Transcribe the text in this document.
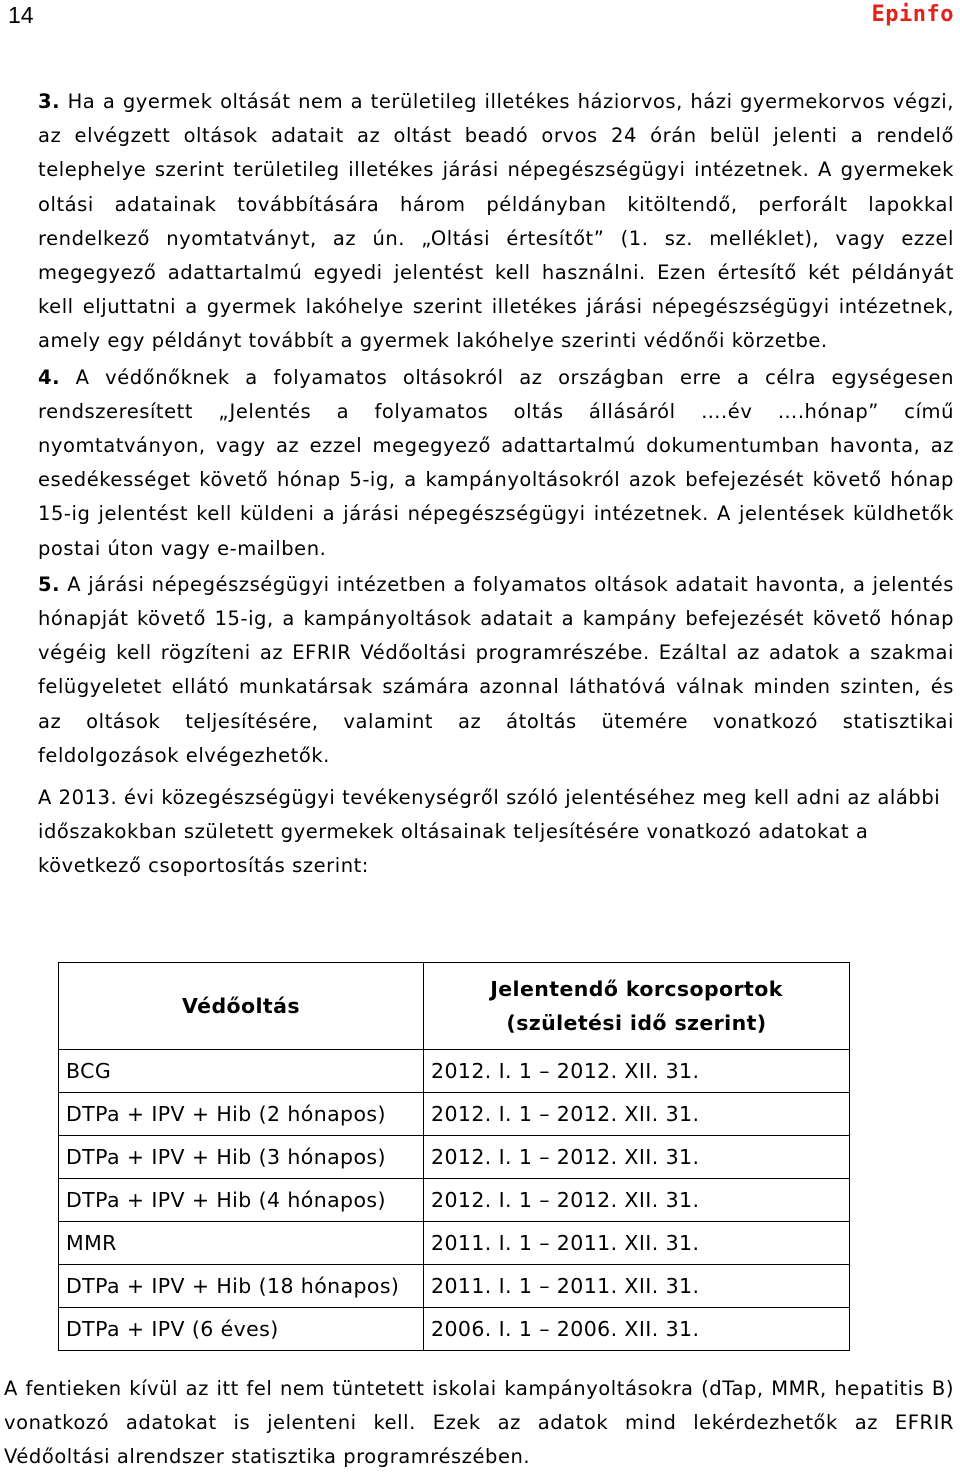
14	Epinfo

3. Ha a gyermek oltását nem a területileg illetékes háziorvos, házi gyermekorvos végzi, az elvégzett oltások adatait az oltást beadó orvos 24 órán belül jelenti a rendelő telephelye szerint területileg illetékes járási népegészségügyi intézetnek. A gyermekek oltási adatainak továbbítására három példányban kitöltendő, perforált lapokkal rendelkező nyomtatványt, az ún. „Oltási értesítőt” (1. sz. melléklet), vagy ezzel megegyező adattartalmú egyedi jelentést kell használni. Ezen értesítő két példányát kell eljuttatni a gyermek lakóhelye szerint illetékes járási népegészségügyi intézetnek, amely egy példányt továbbít a gyermek lakóhelye szerinti védőnői körzetbe.

4. A védőnőknek a folyamatos oltásokról az országban erre a célra egységesen rendszeresített „Jelentés a folyamatos oltás állásáról ….év ….hónap” című nyomtatványon, vagy az ezzel megegyező adattartalmú dokumentumban havonta, az esedékességet követő hónap 5-ig, a kampányoltásokról azok befejezését követő hónap 15-ig jelentést kell küldeni a járási népegészségügyi intézetnek. A jelentések küldhetők postai úton vagy e-mailben.

5. A járási népegészségügyi intézetben a folyamatos oltások adatait havonta, a jelentés hónapját követő 15-ig, a kampányoltások adatait a kampány befejezését követő hónap végéig kell rögzíteni az EFRIR Védőoltási programrészébe. Ezáltal az adatok a szakmai felügyeletet ellátó munkatársak számára azonnal láthatóvá válnak minden szinten, és az oltások teljesítésére, valamint az átoltás ütemére vonatkozó statisztikai feldolgozások elvégezhetők.

A 2013. évi közegészségügyi tevékenységről szóló jelentéséhez meg kell adni az alábbi időszakokban született gyermekek oltásainak teljesítésére vonatkozó adatokat a következő csoportosítás szerint:

Védőoltás	Jelentendő korcsoportok (születési idő szerint)
BCG	2012. I. 1 – 2012. XII. 31.
DTPa + IPV + Hib (2 hónapos)	2012. I. 1 – 2012. XII. 31.
DTPa + IPV + Hib (3 hónapos)	2012. I. 1 – 2012. XII. 31.
DTPa + IPV + Hib (4 hónapos)	2012. I. 1 – 2012. XII. 31.
MMR	2011. I. 1 – 2011. XII. 31.
DTPa + IPV + Hib (18 hónapos)	2011. I. 1 – 2011. XII. 31.
DTPa + IPV (6 éves)	2006. I. 1 – 2006. XII. 31.

A fentieken kívül az itt fel nem tüntetett iskolai kampányoltásokra (dTap, MMR, hepatitis B) vonatkozó adatokat is jelenteni kell. Ezek az adatok mind lekérdezhetők az EFRIR Védőoltási alrendszer statisztika programrészében.
